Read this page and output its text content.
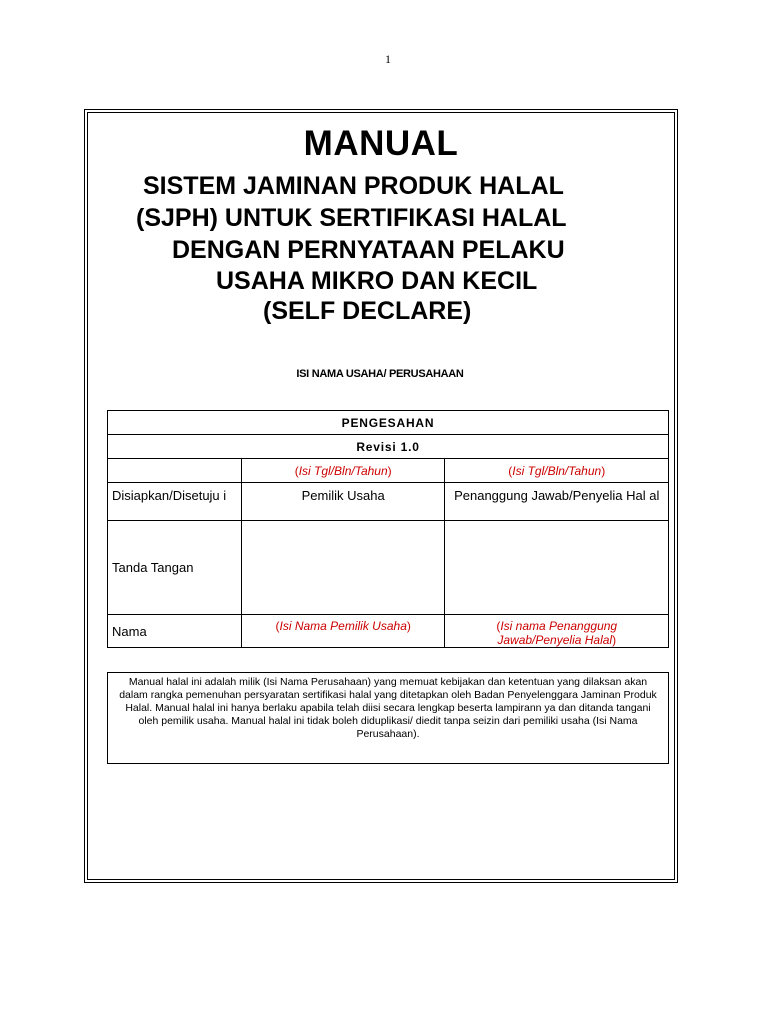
1
MANUAL
SISTEM JAMINAN PRODUK HALAL
(SJPH) UNTUK SERTIFIKASI HALAL
DENGAN PERNYATAAN PELAKU
USAHA MIKRO DAN KECIL
(SELF DECLARE)
ISI NAMA USAHA/ PERUSAHAAN
PENGESAHAN		
Revisi 1.0		
	(Isi Tgl/Bln/Tahun)	(Isi Tgl/Bln/Tahun)
Disiapkan/Disetuju i	Pemilik Usaha	Penanggung Jawab/Penyelia Hal al
Tanda Tangan		
Nama	(Isi Nama Pemilik Usaha)	(Isi nama Penanggung
Jawab/Penyelia Halal)
Manual halal ini adalah milik (Isi Nama Perusahaan) yang memuat kebijakan dan ketentuan yang dilaksan akan dalam rangka pemenuhan persyaratan sertifikasi halal yang ditetapkan oleh Badan Penyelenggara Jaminan Produk Halal. Manual halal ini hanya berlaku apabila telah diisi secara lengkap beserta lampirann ya dan ditanda tangani oleh pemilik usaha. Manual halal ini tidak boleh diduplikasi/ diedit tanpa seizin dari pemiliki usaha (Isi Nama Perusahaan).
